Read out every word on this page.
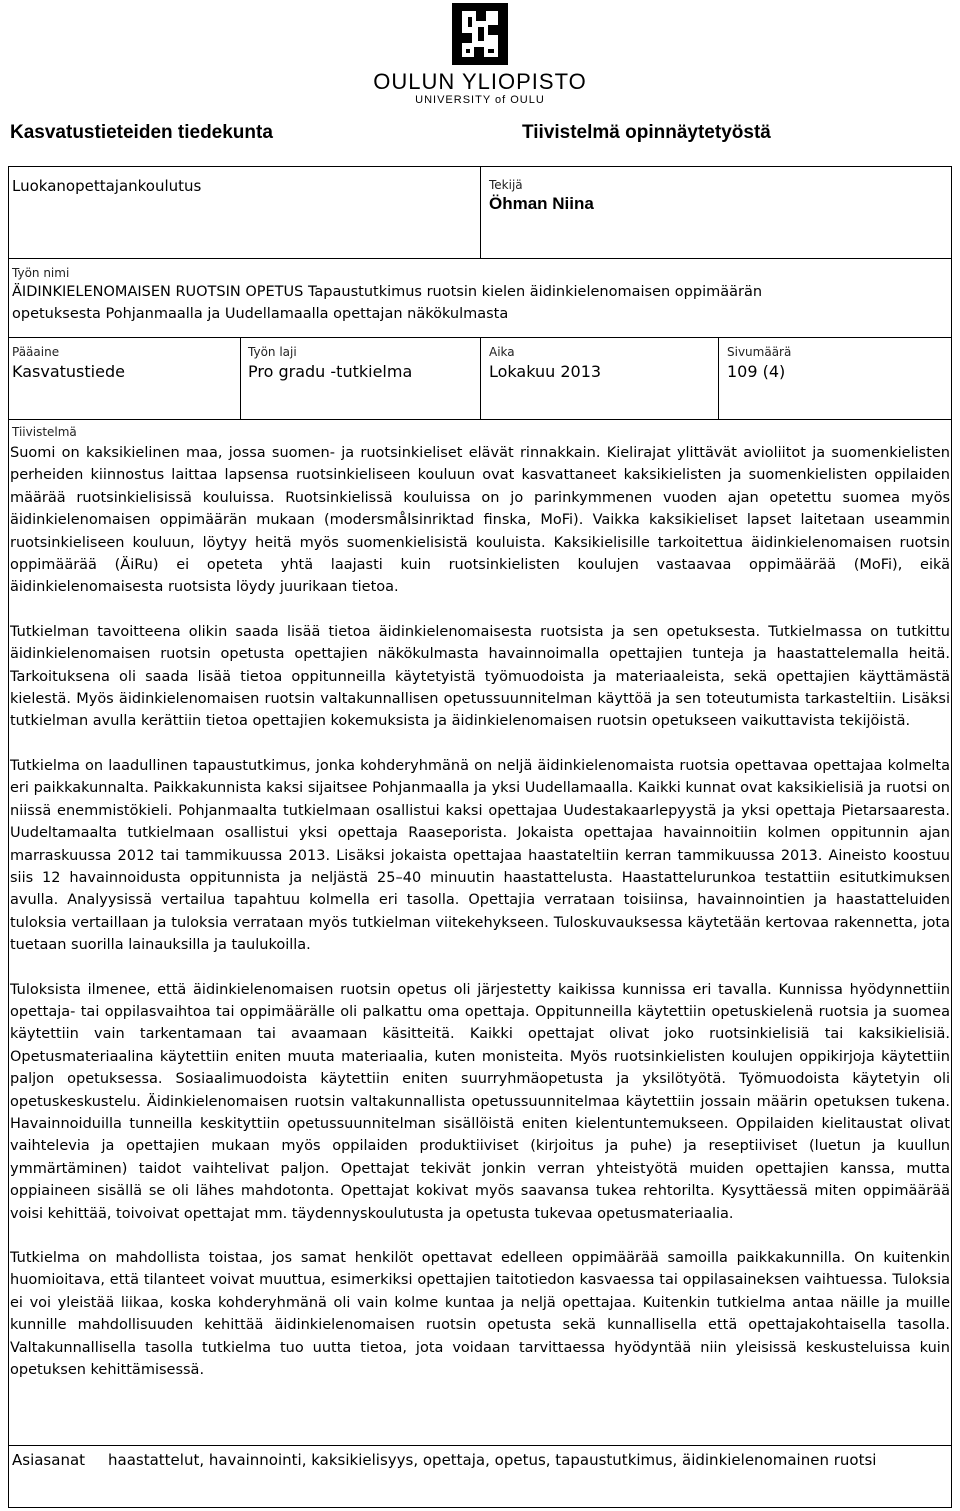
OULUN YLIOPISTO
UNIVERSITY of OULU
Kasvatustieteiden tiedekunta	Tiivistelmä opinnäytetyöstä
Luokanopettajankoulutus	Tekijä
Öhman Niina
Työn nimi
ÄIDINKIELENOMAISEN RUOTSIN OPETUS Tapaustutkimus ruotsin kielen äidinkielenomaisen oppimäärän
opetuksesta Pohjanmaalla ja Uudellamaalla opettajan näkökulmasta
Pääaine
Kasvatustiede
Työn laji
Pro gradu -tutkielma
Aika
Lokakuu 2013
Sivumäärä
109 (4)
Tiivistelmä

Suomi on kaksikielinen maa, jossa suomen- ja ruotsinkieliset elävät rinnakkain. Kielirajat ylittävät avioliitot ja suomenkielisten perheiden kiinnostus laittaa lapsensa ruotsinkieliseen kouluun ovat kasvattaneet kaksikielisten ja suomenkielisten oppilaiden määrää ruotsinkielisissä kouluissa. Ruotsinkielissä kouluissa on jo parinkymmenen vuoden ajan opetettu suomea myös äidinkielenomaisen oppimäärän mukaan (modersmålsinriktad finska, MoFi). Vaikka kaksikieliset lapset laitetaan useammin ruotsinkieliseen kouluun, löytyy heitä myös suomenkielisistä kouluista. Kaksikielisille tarkoitettua äidinkielenomaisen ruotsin oppimäärää (ÄiRu) ei opeteta yhtä laajasti kuin ruotsinkielisten koulujen vastaavaa oppimäärää (MoFi), eikä äidinkielenomaisesta ruotsista löydy juurikaan tietoa.

Tutkielman tavoitteena olikin saada lisää tietoa äidinkielenomaisesta ruotsista ja sen opetuksesta. Tutkielmassa on tutkittu äidinkielenomaisen ruotsin opetusta opettajien näkökulmasta havainnoimalla opettajien tunteja ja haastattelemalla heitä. Tarkoituksena oli saada lisää tietoa oppitunneilla käytetyistä työmuodoista ja materiaaleista, sekä opettajien käyttämästä kielestä. Myös äidinkielenomaisen ruotsin valtakunnallisen opetussuunnitelman käyttöä ja sen toteutumista tarkasteltiin. Lisäksi tutkielman avulla kerättiin tietoa opettajien kokemuksista ja äidinkielenomaisen ruotsin opetukseen vaikuttavista tekijöistä.

Tutkielma on laadullinen tapaustutkimus, jonka kohderyhmänä on neljä äidinkielenomaista ruotsia opettavaa opettajaa kolmelta eri paikkakunnalta. Paikkakunnista kaksi sijaitsee Pohjanmaalla ja yksi Uudellamaalla. Kaikki kunnat ovat kaksikielisiä ja ruotsi on niissä enemmistökieli. Pohjanmaalta tutkielmaan osallistui kaksi opettajaa Uudestakaarlepyystä ja yksi opettaja Pietarsaaresta. Uudeltamaalta tutkielmaan osallistui yksi opettaja Raaseporista. Jokaista opettajaa havainnoitiin kolmen oppitunnin ajan marraskuussa 2012 tai tammikuussa 2013. Lisäksi jokaista opettajaa haastateltiin kerran tammikuussa 2013. Aineisto koostuu siis 12 havainnoidusta oppitunnista ja neljästä 25–40 minuutin haastattelusta. Haastattelurunkoa testattiin esitutkimuksen avulla. Analyysissä vertailua tapahtuu kolmella eri tasolla. Opettajia verrataan toisiinsa, havainnointien ja haastatteluiden tuloksia vertaillaan ja tuloksia verrataan myös tutkielman viitekehykseen. Tuloskuvauksessa käytetään kertovaa rakennetta, jota tuetaan suorilla lainauksilla ja taulukoilla.

Tuloksista ilmenee, että äidinkielenomaisen ruotsin opetus oli järjestetty kaikissa kunnissa eri tavalla. Kunnissa hyödynnettiin opettaja- tai oppilasvaihtoa tai oppimäärälle oli palkattu oma opettaja. Oppitunneilla käytettiin opetuskielenä ruotsia ja suomea käytettiin vain tarkentamaan tai avaamaan käsitteitä. Kaikki opettajat olivat joko ruotsinkielisiä tai kaksikielisiä. Opetusmateriaalina käytettiin eniten muuta materiaalia, kuten monisteita. Myös ruotsinkielisten koulujen oppikirjoja käytettiin paljon opetuksessa. Sosiaalimuodoista käytettiin eniten suurryhmäopetusta ja yksilötyötä. Työmuodoista käytetyin oli opetuskeskustelu. Äidinkielenomaisen ruotsin valtakunnallista opetussuunnitelmaa käytettiin jossain määrin opetuksen tukena. Havainnoiduilla tunneilla keskityttiin opetussuunnitelman sisällöistä eniten kielentuntemukseen. Oppilaiden kielitaustat olivat vaihtelevia ja opettajien mukaan myös oppilaiden produktiiviset (kirjoitus ja puhe) ja reseptiiviset (luetun ja kuullun ymmärtäminen) taidot vaihtelivat paljon. Opettajat tekivät jonkin verran yhteistyötä muiden opettajien kanssa, mutta oppiaineen sisällä se oli lähes mahdotonta. Opettajat kokivat myös saavansa tukea rehtorilta. Kysyttäessä miten oppimäärää voisi kehittää, toivoivat opettajat mm. täydennyskoulutusta ja opetusta tukevaa opetusmateriaalia.

Tutkielma on mahdollista toistaa, jos samat henkilöt opettavat edelleen oppimäärää samoilla paikkakunnilla. On kuitenkin huomioitava, että tilanteet voivat muuttua, esimerkiksi opettajien taitotiedon kasvaessa tai oppilasaineksen vaihtuessa. Tuloksia ei voi yleistää liikaa, koska kohderyhmänä oli vain kolme kuntaa ja neljä opettajaa. Kuitenkin tutkielma antaa näille ja muille kunnille mahdollisuuden kehittää äidinkielenomaisen ruotsin opetusta sekä kunnallisella että opettajakohtaisella tasolla. Valtakunnallisella tasolla tutkielma tuo uutta tietoa, jota voidaan tarvittaessa hyödyntää niin yleisissä keskusteluissa kuin opetuksen kehittämisessä.

Asiasanat haastattelut, havainnointi, kaksikielisyys, opettaja, opetus, tapaustutkimus, äidinkielenomainen ruotsi
